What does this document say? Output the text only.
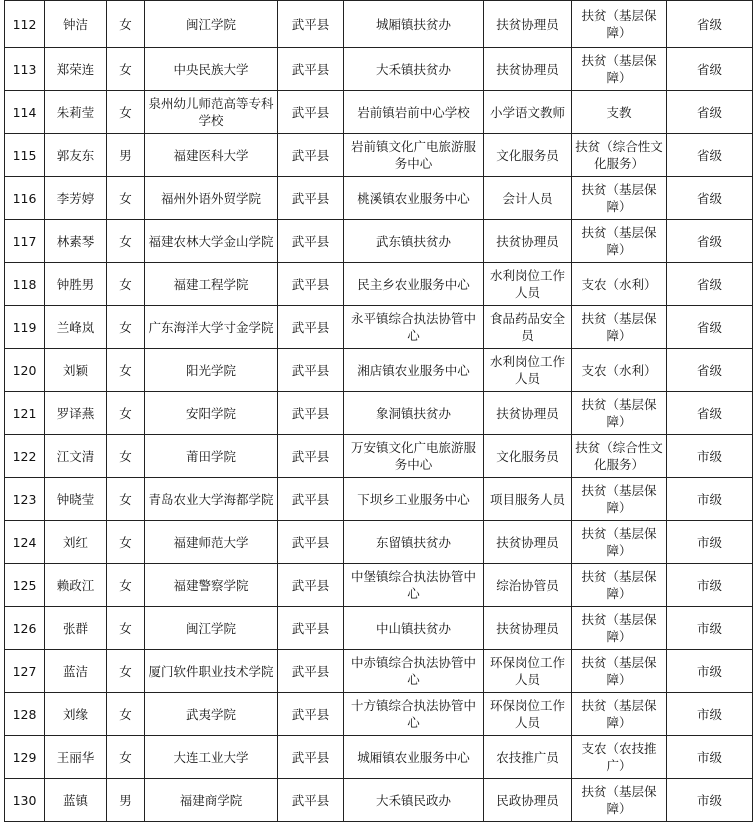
112	钟洁	女	闽江学院	武平县	城厢镇扶贫办	扶贫协理员	扶贫（基层保障）	省级
113	郑荣连	女	中央民族大学	武平县	大禾镇扶贫办	扶贫协理员	扶贫（基层保障）	省级
114	朱莉莹	女	泉州幼儿师范高等专科学校	武平县	岩前镇岩前中心学校	小学语文教师	支教	省级
115	郭友东	男	福建医科大学	武平县	岩前镇文化广电旅游服务中心	文化服务员	扶贫（综合性文化服务）	省级
116	李芳婷	女	福州外语外贸学院	武平县	桃溪镇农业服务中心	会计人员	扶贫（基层保障）	省级
117	林素琴	女	福建农林大学金山学院	武平县	武东镇扶贫办	扶贫协理员	扶贫（基层保障）	省级
118	钟胜男	女	福建工程学院	武平县	民主乡农业服务中心	水利岗位工作人员	支农（水利）	省级
119	兰峰岚	女	广东海洋大学寸金学院	武平县	永平镇综合执法协管中心	食品药品安全员	扶贫（基层保障）	省级
120	刘颖	女	阳光学院	武平县	湘店镇农业服务中心	水利岗位工作人员	支农（水利）	省级
121	罗译燕	女	安阳学院	武平县	象洞镇扶贫办	扶贫协理员	扶贫（基层保障）	省级
122	江文清	女	莆田学院	武平县	万安镇文化广电旅游服务中心	文化服务员	扶贫（综合性文化服务）	市级
123	钟晓莹	女	青岛农业大学海都学院	武平县	下坝乡工业服务中心	项目服务人员	扶贫（基层保障）	市级
124	刘红	女	福建师范大学	武平县	东留镇扶贫办	扶贫协理员	扶贫（基层保障）	市级
125	赖政江	女	福建警察学院	武平县	中堡镇综合执法协管中心	综治协管员	扶贫（基层保障）	市级
126	张群	女	闽江学院	武平县	中山镇扶贫办	扶贫协理员	扶贫（基层保障）	市级
127	蓝洁	女	厦门软件职业技术学院	武平县	中赤镇综合执法协管中心	环保岗位工作人员	扶贫（基层保障）	市级
128	刘缘	女	武夷学院	武平县	十方镇综合执法协管中心	环保岗位工作人员	扶贫（基层保障）	市级
129	王丽华	女	大连工业大学	武平县	城厢镇农业服务中心	农技推广员	支农（农技推广）	市级
130	蓝镇	男	福建商学院	武平县	大禾镇民政办	民政协理员	扶贫（基层保障）	市级
